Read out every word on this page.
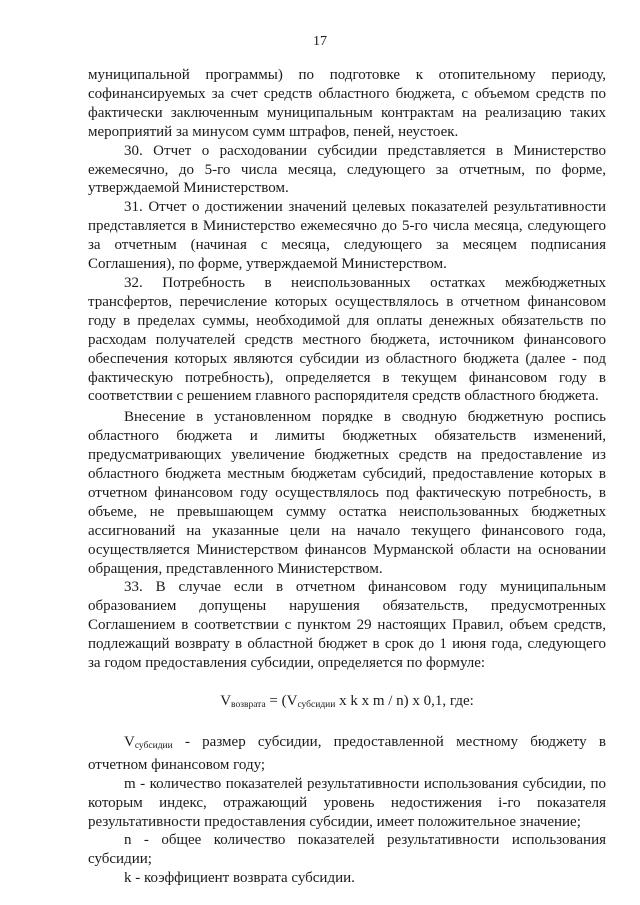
17

муниципальной программы) по подготовке к отопительному периоду, софинансируемых за счет средств областного бюджета, с объемом средств по фактически заключенным муниципальным контрактам на реализацию таких мероприятий за минусом сумм штрафов, пеней, неустоек.

30. Отчет о расходовании субсидии представляется в Министерство ежемесячно, до 5-го числа месяца, следующего за отчетным, по форме, утверждаемой Министерством.

31. Отчет о достижении значений целевых показателей результативности представляется в Министерство ежемесячно до 5-го числа месяца, следующего за отчетным (начиная с месяца, следующего за месяцем подписания Соглашения), по форме, утверждаемой Министерством.

32. Потребность в неиспользованных остатках межбюджетных трансфертов, перечисление которых осуществлялось в отчетном финансовом году в пределах суммы, необходимой для оплаты денежных обязательств по расходам получателей средств местного бюджета, источником финансового обеспечения которых являются субсидии из областного бюджета (далее - под фактическую потребность), определяется в текущем финансовом году в соответствии с решением главного распорядителя средств областного бюджета.

Внесение в установленном порядке в сводную бюджетную роспись областного бюджета и лимиты бюджетных обязательств изменений, предусматривающих увеличение бюджетных средств на предоставление из областного бюджета местным бюджетам субсидий, предоставление которых в отчетном финансовом году осуществлялось под фактическую потребность, в объеме, не превышающем сумму остатка неиспользованных бюджетных ассигнований на указанные цели на начало текущего финансового года, осуществляется Министерством финансов Мурманской области на основании обращения, представленного Министерством.

33. В случае если в отчетном финансовом году муниципальным образованием допущены нарушения обязательств, предусмотренных Соглашением в соответствии с пунктом 29 настоящих Правил, объем средств, подлежащий возврату в областной бюджет в срок до 1 июня года, следующего за годом предоставления субсидии, определяется по формуле:

$V_{возврата} = (V_{субсидии}$ x k x m / n) x 0,1, где:

$V_{субсидии}$ - размер субсидии, предоставленной местному бюджету в отчетном финансовом году;

m - количество показателей результативности использования субсидии, по которым индекс, отражающий уровень недостижения i-го показателя результативности предоставления субсидии, имеет положительное значение;

n - общее количество показателей результативности использования субсидии;

k - коэффициент возврата субсидии.
